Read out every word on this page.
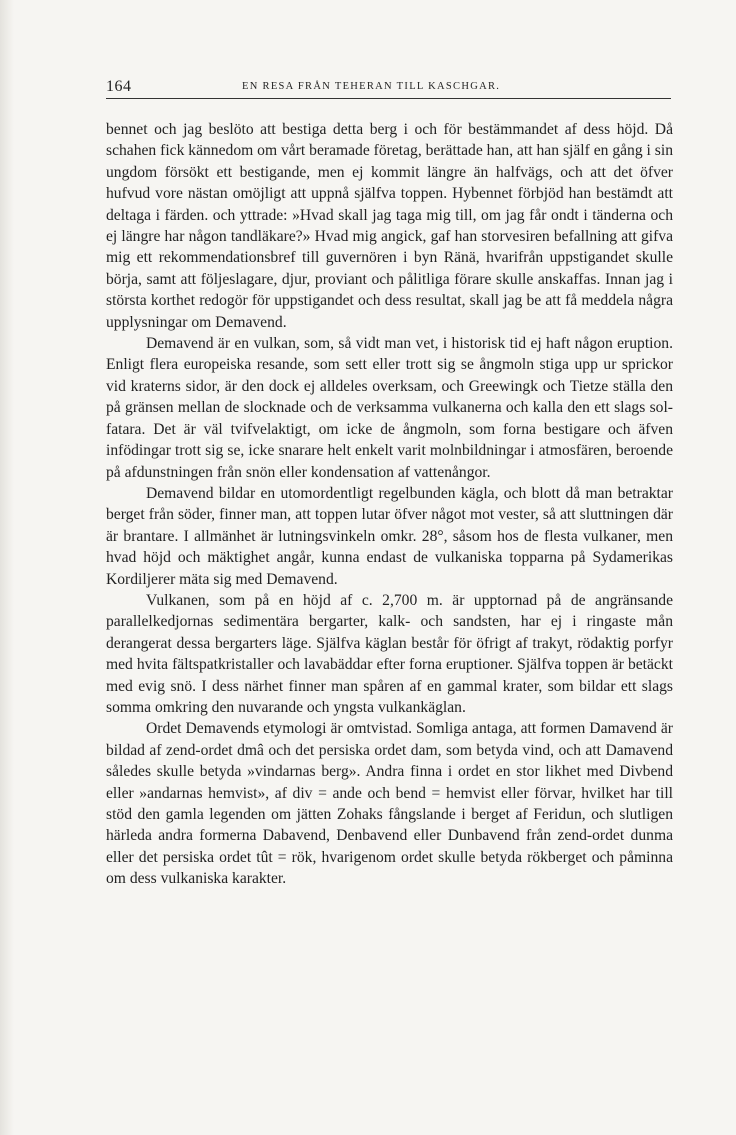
164	EN RESA FRÅN TEHERAN TILL KASCHGAR.

bennet och jag beslöto att bestiga detta berg i och för bestämmandet af dess höjd. Då schahen fick kännedom om vårt beramade företag, berättade han, att han själf en gång i sin ungdom försökt ett bestigande, men ej kommit längre än halfvägs, och att det öfver hufvud vore nästan omöjligt att uppnå själfva toppen. Hybennet förbjöd han bestämdt att deltaga i färden. och yttrade: »Hvad skall jag taga mig till, om jag får ondt i tänderna och ej längre har någon tandläkare?» Hvad mig angick, gaf han storvesiren befallning att gifva mig ett rekommendationsbref till guvernören i byn Ränä, hvarifrån uppstigandet skulle börja, samt att följeslagare, djur, proviant och pålitliga förare skulle anskaffas. Innan jag i största korthet redogör för uppstigandet och dess resultat, skall jag be att få meddela några upplysningar om Demavend.

Demavend är en vulkan, som, så vidt man vet, i historisk tid ej haft någon eruption. Enligt flera europeiska resande, som sett eller trott sig se ångmoln stiga upp ur sprickor vid kraterns sidor, är den dock ej alldeles overksam, och Greewingk och Tietze ställa den på gränsen mellan de slocknade och de verksamma vulkanerna och kalla den ett slags solfatara. Det är väl tvifvelaktigt, om icke de ångmoln, som forna bestigare och äfven infödingar trott sig se, icke snarare helt enkelt varit molnbildningar i atmosfären, beroende på afdunstningen från snön eller kondensation af vattenångor.

Demavend bildar en utomordentligt regelbunden kägla, och blott då man betraktar berget från söder, finner man, att toppen lutar öfver något mot vester, så att sluttningen där är brantare. I allmänhet är lutningsvinkeln omkr. 28°, såsom hos de flesta vulkaner, men hvad höjd och mäktighet angår, kunna endast de vulkaniska topparna på Sydamerikas Kordiljerer mäta sig med Demavend.

Vulkanen, som på en höjd af c. 2,700 m. är upptornad på de angränsande parallelkedjornas sedimentära bergarter, kalk- och sandsten, har ej i ringaste mån derangerat dessa bergarters läge. Själfva käglan består för öfrigt af trakyt, rödaktig porfyr med hvita fältspatkristaller och lavabäddar efter forna eruptioner. Själfva toppen är betäckt med evig snö. I dess närhet finner man spåren af en gammal krater, som bildar ett slags somma omkring den nuvarande och yngsta vulkankäglan.

Ordet Demavends etymologi är omtvistad. Somliga antaga, att formen Damavend är bildad af zend-ordet dmâ och det persiska ordet dam, som betyda vind, och att Damavend således skulle betyda »vindarnas berg». Andra finna i ordet en stor likhet med Divbend eller »andarnas hemvist», af div = ande och bend = hemvist eller förvar, hvilket har till stöd den gamla legenden om jätten Zohaks fångslande i berget af Feridun, och slutligen härleda andra formerna Dabavend, Denbavend eller Dunbavend från zend-ordet dunma eller det persiska ordet tût = rök, hvarigenom ordet skulle betyda rökberget och påminna om dess vulkaniska karakter.
